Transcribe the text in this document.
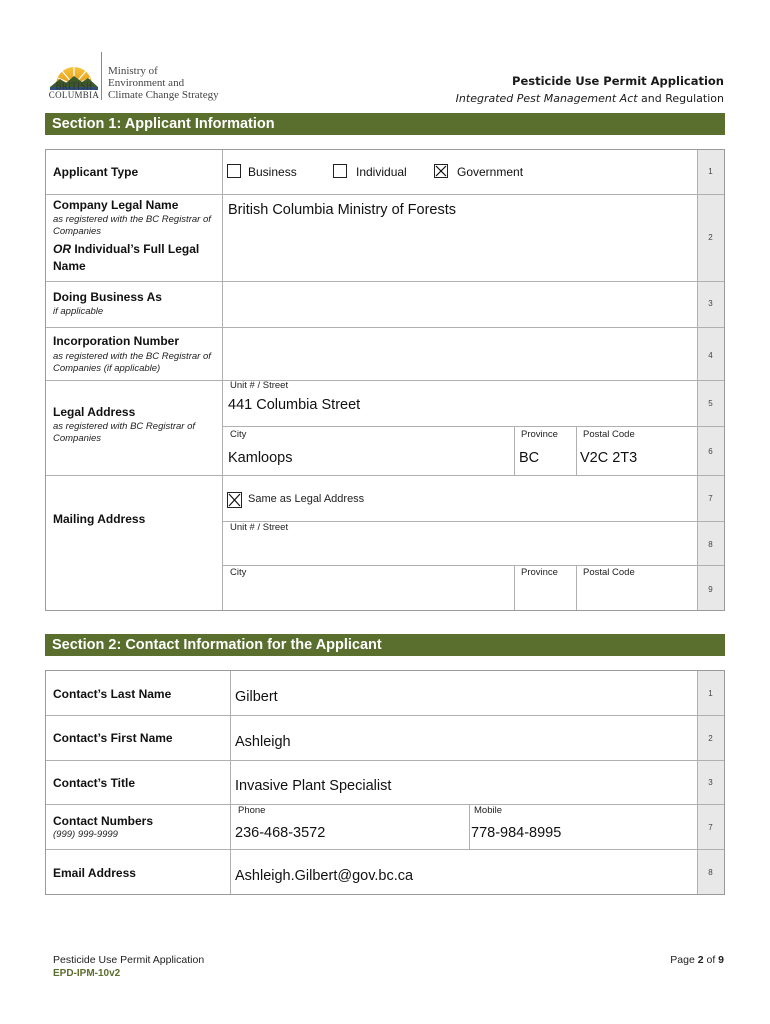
BRITISH
COLUMBIA
Ministry of
Environment and
Climate Change Strategy
Pesticide Use Permit Application
Integrated Pest Management Act and Regulation
Section 1: Applicant Information
Applicant Type	Business	Individual	Government	1
Company Legal Name
as registered with the BC Registrar of Companies
OR Individual’s Full Legal Name
British Columbia Ministry of Forests
2
Doing Business As
if applicable
3
Incorporation Number
as registered with the BC Registrar of Companies (if applicable)
4
Legal Address
as registered with BC Registrar of Companies
Unit # / Street
441 Columbia Street	5
City
Kamloops
Province
BC
Postal Code
V2C 2T3	6
Mailing Address
Same as Legal Address	7
Unit # / Street
8
City	Province	Postal Code
9
Section 2: Contact Information for the Applicant
Contact’s Last Name	Gilbert	1
Contact’s First Name	Ashleigh	2
Contact’s Title	Invasive Plant Specialist	3
Contact Numbers
(999) 999-9999
Phone
236-468-3572
Mobile
778-984-8995	7
Email Address	Ashleigh.Gilbert@gov.bc.ca	8
Pesticide Use Permit Application
EPD-IPM-10v2
Page 2 of 9
